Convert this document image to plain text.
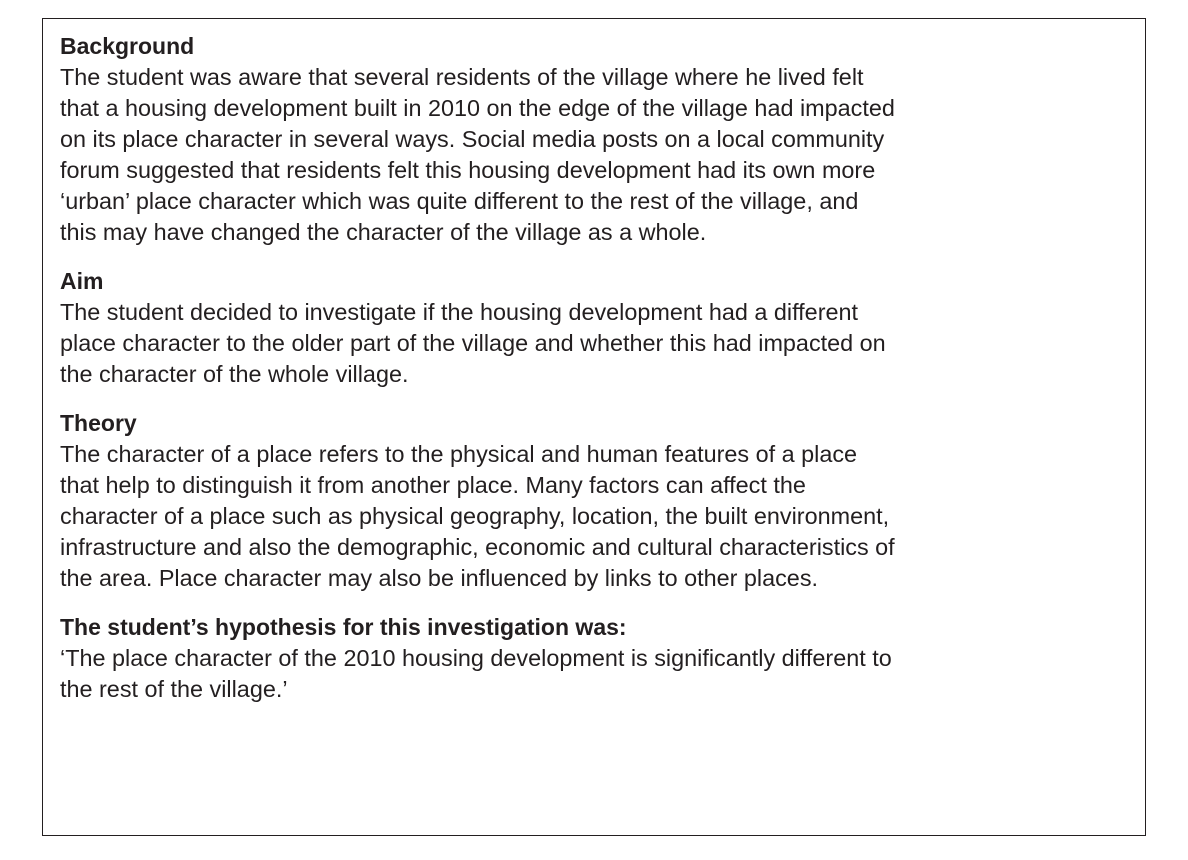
Background

The student was aware that several residents of the village where he lived felt
that a housing development built in 2010 on the edge of the village had impacted
on its place character in several ways. Social media posts on a local community
forum suggested that residents felt this housing development had its own more
‘urban’ place character which was quite different to the rest of the village, and
this may have changed the character of the village as a whole.

Aim

The student decided to investigate if the housing development had a different
place character to the older part of the village and whether this had impacted on
the character of the whole village.

Theory

The character of a place refers to the physical and human features of a place
that help to distinguish it from another place. Many factors can affect the
character of a place such as physical geography, location, the built environment,
infrastructure and also the demographic, economic and cultural characteristics of
the area. Place character may also be influenced by links to other places.

The student’s hypothesis for this investigation was:

‘The place character of the 2010 housing development is significantly different to
the rest of the village.’
